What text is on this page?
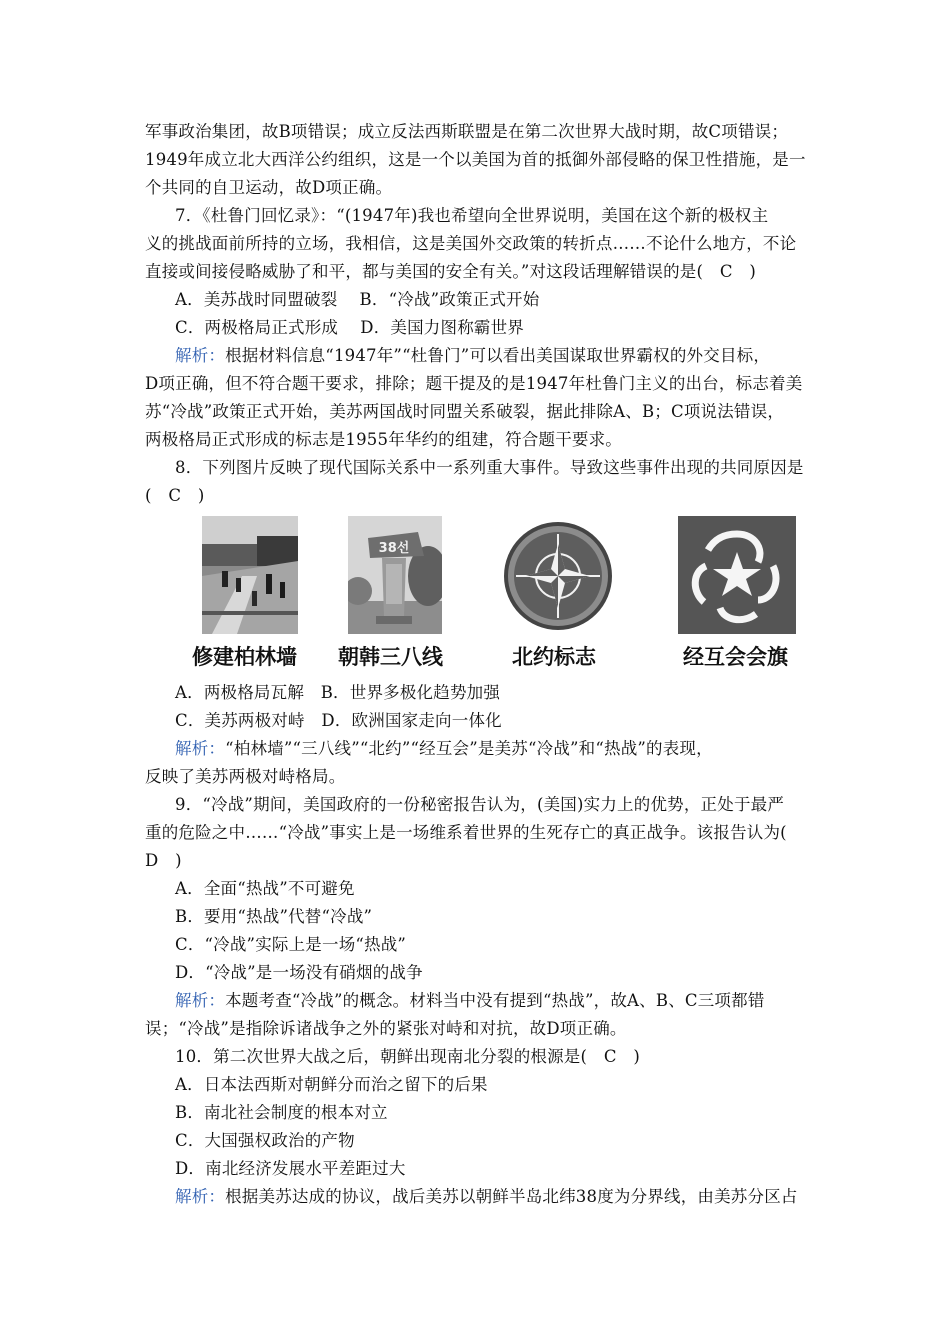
军事政治集团，故B项错误；成立反法西斯联盟是在第二次世界大战时期，故C项错误；
1949年成立北大西洋公约组织，这是一个以美国为首的抵御外部侵略的保卫性措施，是一
个共同的自卫运动，故D项正确。
7．《杜鲁门回忆录》：“(1947年)我也希望向全世界说明，美国在这个新的极权主
义的挑战面前所持的立场，我相信，这是美国外交政策的转折点……不论什么地方，不论
直接或间接侵略威胁了和平，都与美国的安全有关。”对这段话理解错误的是(　C　)
A．美苏战时同盟破裂　 B．“冷战”政策正式开始
C．两极格局正式形成　 D．美国力图称霸世界
解析：根据材料信息“1947年”“杜鲁门”可以看出美国谋取世界霸权的外交目标，
D项正确，但不符合题干要求，排除；题干提及的是1947年杜鲁门主义的出台，标志着美
苏“冷战”政策正式开始，美苏两国战时同盟关系破裂，据此排除A、B；C项说法错误，
两极格局正式形成的标志是1955年华约的组建，符合题干要求。
8．下列图片反映了现代国际关系中一系列重大事件。导致这些事件出现的共同原因是
(　C　)
修建柏林墙
38선
朝韩三八线	北约标志	经互会会旗
A．两极格局瓦解　B．世界多极化趋势加强
C．美苏两极对峙　D．欧洲国家走向一体化
解析：“柏林墙”“三八线”“北约”“经互会”是美苏“冷战”和“热战”的表现，
反映了美苏两极对峙格局。
9．“冷战”期间，美国政府的一份秘密报告认为，(美国)实力上的优势，正处于最严
重的危险之中……“冷战”事实上是一场维系着世界的生死存亡的真正战争。该报告认为(
D　)
A．全面“热战”不可避免
B．要用“热战”代替“冷战”
C．“冷战”实际上是一场“热战”
D．“冷战”是一场没有硝烟的战争
解析：本题考查“冷战”的概念。材料当中没有提到“热战”，故A、B、C三项都错
误；“冷战”是指除诉诸战争之外的紧张对峙和对抗，故D项正确。
10．第二次世界大战之后，朝鲜出现南北分裂的根源是(　C　)
A．日本法西斯对朝鲜分而治之留下的后果
B．南北社会制度的根本对立
C．大国强权政治的产物
D．南北经济发展水平差距过大
解析：根据美苏达成的协议，战后美苏以朝鲜半岛北纬38度为分界线，由美苏分区占
